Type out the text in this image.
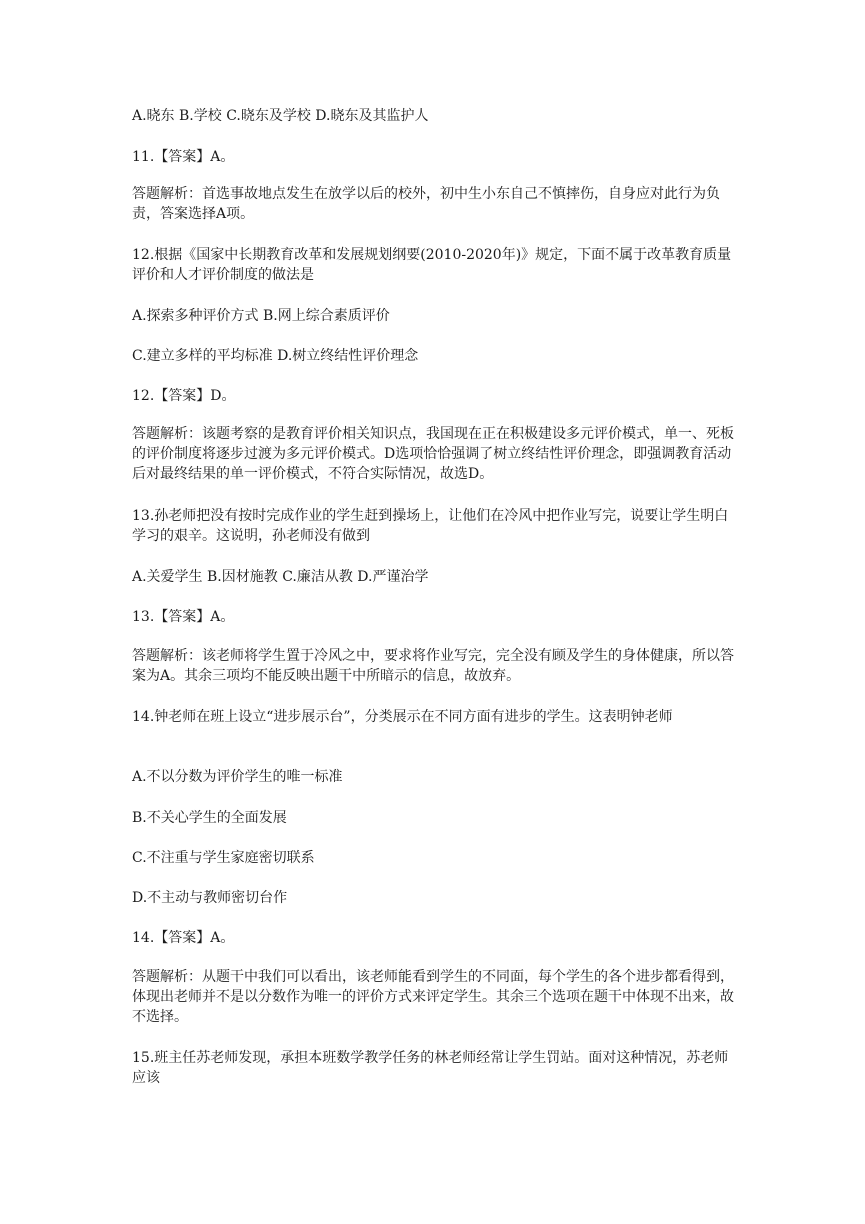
A.晓东 B.学校 C.晓东及学校 D.晓东及其监护人

11.【答案】A。

答题解析：首选事故地点发生在放学以后的校外，初中生小东自己不慎摔伤，自身应对此行为负责，答案选择A项。

12.根据《国家中长期教育改革和发展规划纲要(2010-2020年)》规定，下面不属于改革教育质量评价和人才评价制度的做法是

A.探索多种评价方式 B.网上综合素质评价

C.建立多样的平均标准 D.树立终结性评价理念

12.【答案】D。

答题解析：该题考察的是教育评价相关知识点，我国现在正在积极建设多元评价模式，单一、死板的评价制度将逐步过渡为多元评价模式。D选项恰恰强调了树立终结性评价理念，即强调教育活动后对最终结果的单一评价模式，不符合实际情况，故选D。

13.孙老师把没有按时完成作业的学生赶到操场上，让他们在冷风中把作业写完，说要让学生明白学习的艰辛。这说明，孙老师没有做到

A.关爱学生 B.因材施教 C.廉洁从教 D.严谨治学

13.【答案】A。

答题解析：该老师将学生置于冷风之中，要求将作业写完，完全没有顾及学生的身体健康，所以答案为A。其余三项均不能反映出题干中所暗示的信息，故放弃。

14.钟老师在班上设立“进步展示台”，分类展示在不同方面有进步的学生。这表明钟老师

A.不以分数为评价学生的唯一标准

B.不关心学生的全面发展

C.不注重与学生家庭密切联系

D.不主动与教师密切台作

14.【答案】A。

答题解析：从题干中我们可以看出，该老师能看到学生的不同面，每个学生的各个进步都看得到，体现出老师并不是以分数作为唯一的评价方式来评定学生。其余三个选项在题干中体现不出来，故不选择。

15.班主任苏老师发现，承担本班数学教学任务的林老师经常让学生罚站。面对这种情况，苏老师应该
